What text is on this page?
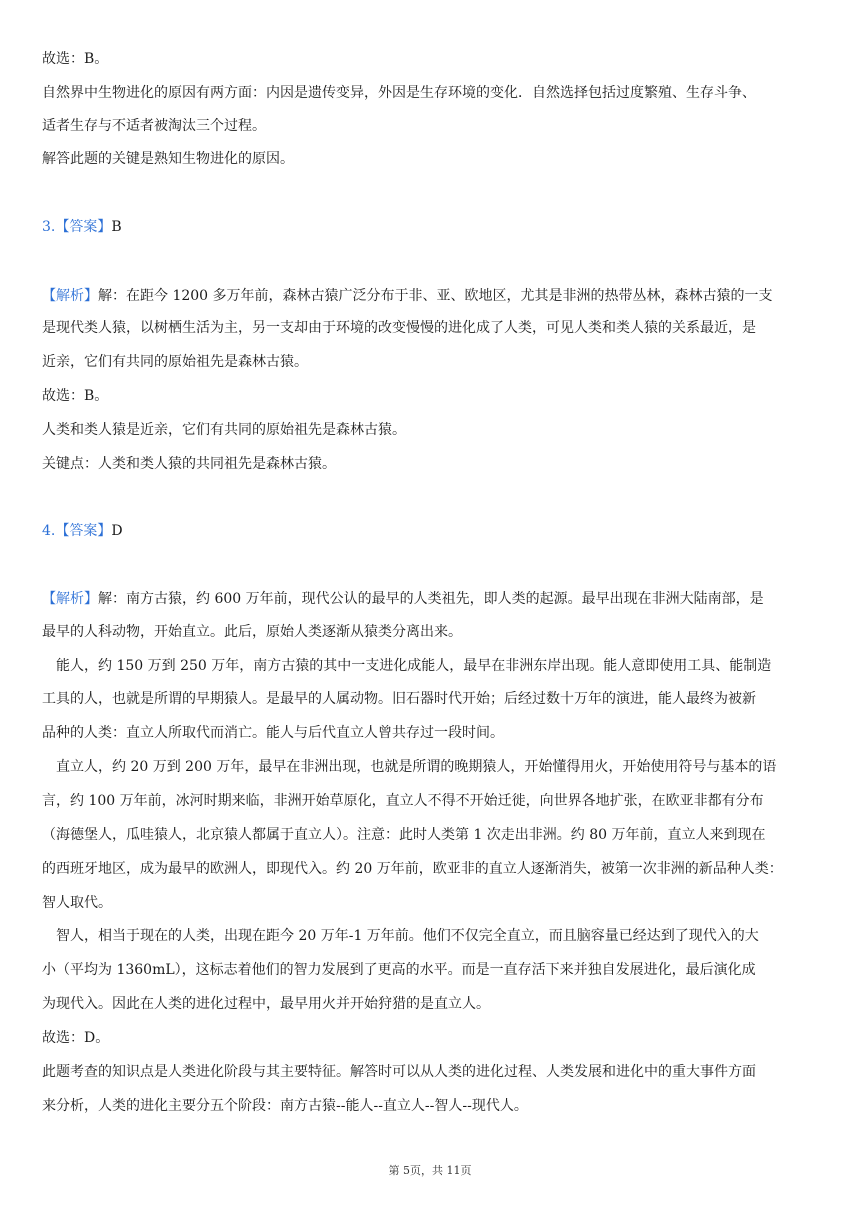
故选：B。
自然界中生物进化的原因有两方面：内因是遗传变异，外因是生存环境的变化．自然选择包括过度繁殖、生存斗争、
适者生存与不适者被淘汰三个过程。
解答此题的关键是熟知生物进化的原因。
3.【答案】B
【解析】解：在距今 1200 多万年前，森林古猿广泛分布于非、亚、欧地区，尤其是非洲的热带丛林，森林古猿的一支
是现代类人猿，以树栖生活为主，另一支却由于环境的改变慢慢的进化成了人类，可见人类和类人猿的关系最近，是
近亲，它们有共同的原始祖先是森林古猿。
故选：B。
人类和类人猿是近亲，它们有共同的原始祖先是森林古猿。
关键点：人类和类人猿的共同祖先是森林古猿。
4.【答案】D
【解析】解：南方古猿，约 600 万年前，现代公认的最早的人类祖先，即人类的起源。最早出现在非洲大陆南部，是
最早的人科动物，开始直立。此后，原始人类逐渐从猿类分离出来。
能人，约 150 万到 250 万年，南方古猿的其中一支进化成能人，最早在非洲东岸出现。能人意即使用工具、能制造
工具的人，也就是所谓的早期猿人。是最早的人属动物。旧石器时代开始；后经过数十万年的演进，能人最终为被新
品种的人类：直立人所取代而消亡。能人与后代直立人曾共存过一段时间。
直立人，约 20 万到 200 万年，最早在非洲出现，也就是所谓的晚期猿人，开始懂得用火，开始使用符号与基本的语
言，约 100 万年前，冰河时期来临，非洲开始草原化，直立人不得不开始迁徙，向世界各地扩张，在欧亚非都有分布
（海德堡人，瓜哇猿人，北京猿人都属于直立人）。注意：此时人类第 1 次走出非洲。约 80 万年前，直立人来到现在
的西班牙地区，成为最早的欧洲人，即现代入。约 20 万年前，欧亚非的直立人逐渐消失，被第一次非洲的新品种人类：
智人取代。
智人，相当于现在的人类，出现在距今 20 万年-1 万年前。他们不仅完全直立，而且脑容量已经达到了现代入的大
小（平均为 1360mL），这标志着他们的智力发展到了更高的水平。而是一直存活下来并独自发展进化，最后演化成
为现代入。因此在人类的进化过程中，最早用火并开始狩猎的是直立人。
故选：D。
此题考查的知识点是人类进化阶段与其主要特征。解答时可以从人类的进化过程、人类发展和进化中的重大事件方面
来分析，人类的进化主要分五个阶段：南方古猿--能人--直立人--智人--现代人。
第 5页，共 11页
